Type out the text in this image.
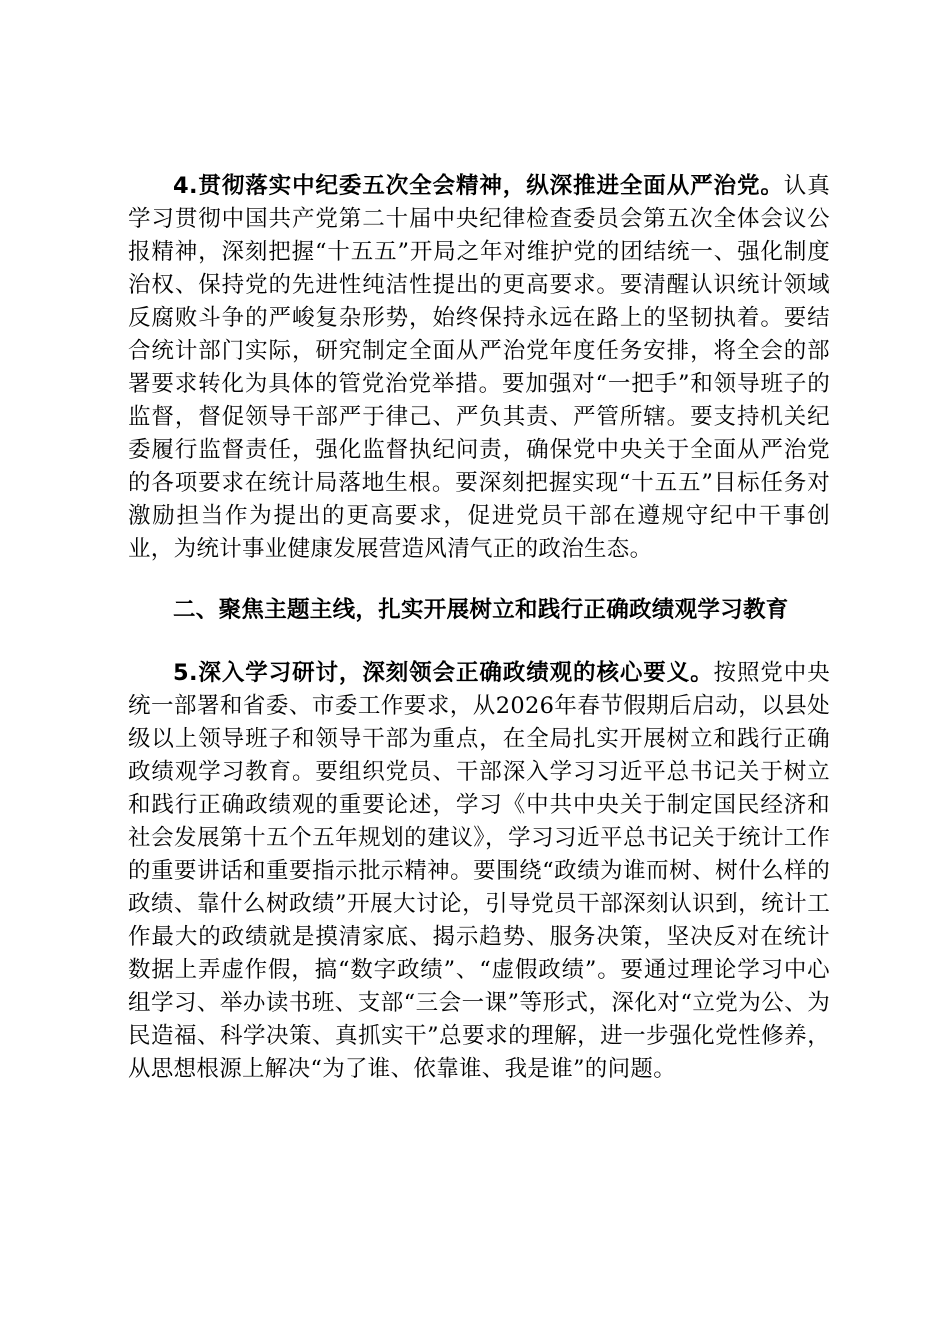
4.贯彻落实中纪委五次全会精神，纵深推进全面从严治党。认真学习贯彻中国共产党第二十届中央纪律检查委员会第五次全体会议公报精神，深刻把握“十五五”开局之年对维护党的团结统一、强化制度治权、保持党的先进性纯洁性提出的更高要求。要清醒认识统计领域反腐败斗争的严峻复杂形势，始终保持永远在路上的坚韧执着。要结合统计部门实际，研究制定全面从严治党年度任务安排，将全会的部署要求转化为具体的管党治党举措。要加强对“一把手”和领导班子的监督，督促领导干部严于律己、严负其责、严管所辖。要支持机关纪委履行监督责任，强化监督执纪问责，确保党中央关于全面从严治党的各项要求在统计局落地生根。要深刻把握实现“十五五”目标任务对激励担当作为提出的更高要求，促进党员干部在遵规守纪中干事创业，为统计事业健康发展营造风清气正的政治生态。

二、聚焦主题主线，扎实开展树立和践行正确政绩观学习教育

5.深入学习研讨，深刻领会正确政绩观的核心要义。按照党中央统一部署和省委、市委工作要求，从2026年春节假期后启动，以县处级以上领导班子和领导干部为重点，在全局扎实开展树立和践行正确政绩观学习教育。要组织党员、干部深入学习习近平总书记关于树立和践行正确政绩观的重要论述，学习《中共中央关于制定国民经济和社会发展第十五个五年规划的建议》，学习习近平总书记关于统计工作的重要讲话和重要指示批示精神。要围绕“政绩为谁而树、树什么样的政绩、靠什么树政绩”开展大讨论，引导党员干部深刻认识到，统计工作最大的政绩就是摸清家底、揭示趋势、服务决策，坚决反对在统计数据上弄虚作假，搞“数字政绩”、“虚假政绩”。要通过理论学习中心组学习、举办读书班、支部“三会一课”等形式，深化对“立党为公、为民造福、科学决策、真抓实干”总要求的理解，进一步强化党性修养，从思想根源上解决“为了谁、依靠谁、我是谁”的问题。
